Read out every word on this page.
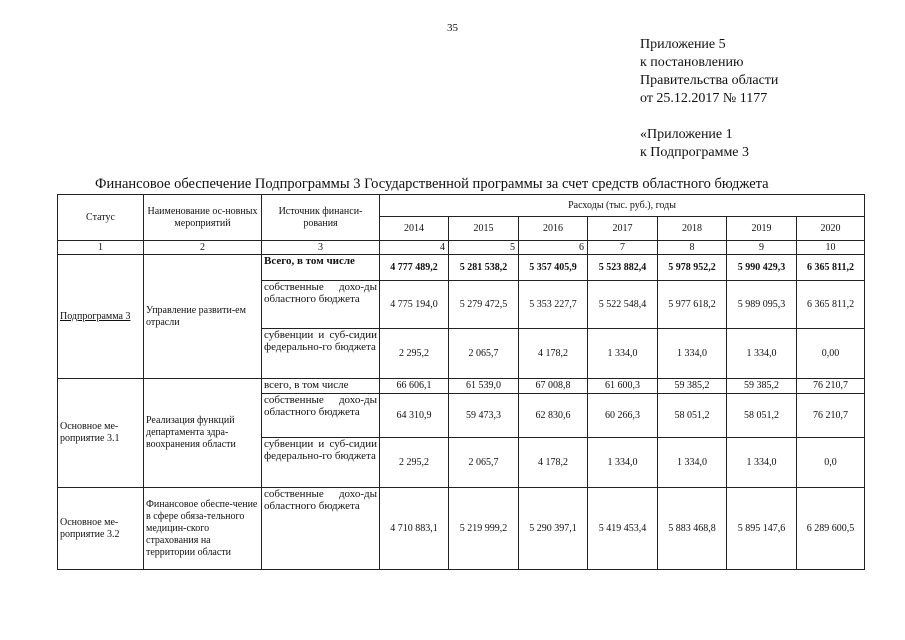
35
Приложение 5
к постановлению
Правительства области
от 25.12.2017 № 1177
«Приложение 1
к Подпрограмме 3
Финансовое обеспечение Подпрограммы 3 Государственной программы за счет средств областного бюджета
Статус	Наименование ос-новных мероприятий	Источник финанси-рования	Расходы (тыс. руб.), годы						
			2014	2015	2016	2017	2018	2019	2020
1	2	3	4	5	6	7	8	9	10
Подпрограмма 3	Управление развити-ем отрасли	Всего, в том числе	4 777 489,2	5 281 538,2	5 357 405,9	5 523 882,4	5 978 952,2	5 990 429,3	6 365 811,2
		собственные дохо-ды областного бюджета	4 775 194,0	5 279 472,5	5 353 227,7	5 522 548,4	5 977 618,2	5 989 095,3	6 365 811,2
		субвенции и суб-сидии федерально-го бюджета	2 295,2	2 065,7	4 178,2	1 334,0	1 334,0	1 334,0	0,00
Основное ме-роприятие 3.1	Реализация функций департамента здра-воохранения области	всего, в том числе	66 606,1	61 539,0	67 008,8	61 600,3	59 385,2	59 385,2	76 210,7
		собственные дохо-ды областного бюджета	64 310,9	59 473,3	62 830,6	60 266,3	58 051,2	58 051,2	76 210,7
		субвенции и суб-сидии федерально-го бюджета	2 295,2	2 065,7	4 178,2	1 334,0	1 334,0	1 334,0	0,0
Основное ме-роприятие 3.2	Финансовое обеспе-чение в сфере обяза-тельного медицин-ского страхования на территории области	собственные дохо-ды областного бюджета	4 710 883,1	5 219 999,2	5 290 397,1	5 419 453,4	5 883 468,8	5 895 147,6	6 289 600,5
